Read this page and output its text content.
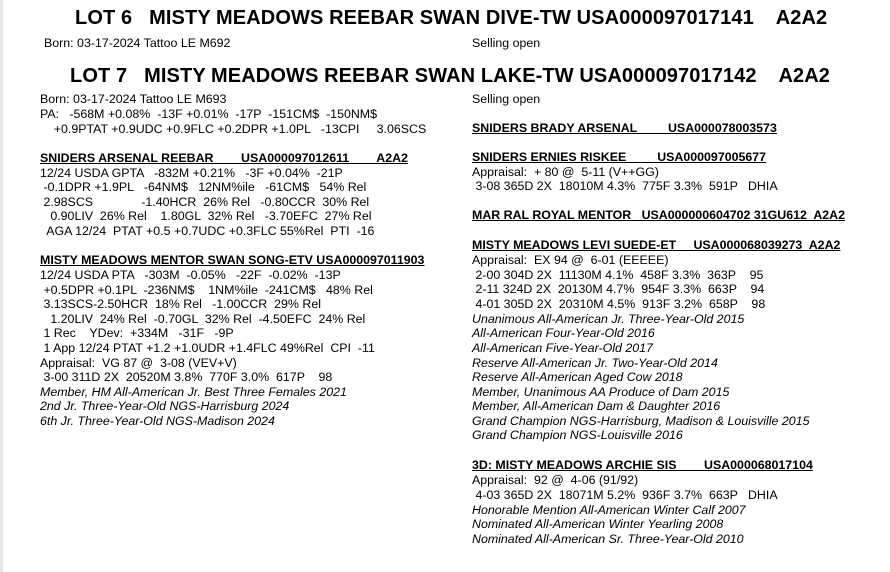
LOT 6   MISTY MEADOWS REEBAR SWAN DIVE-TW USA000097017141    A2A2
Born: 03-17-2024 Tattoo LE M692	Selling open
LOT 7   MISTY MEADOWS REEBAR SWAN LAKE-TW USA000097017142    A2A2
Born: 03-17-2024 Tattoo LE M693	Selling open
PA:   -568M +0.08%  -13F +0.01%  -17P  -151CM$  -150NM$
+0.9PTAT +0.9UDC +0.9FLC +0.2DPR +1.0PL   -13CPI     3.06SCS
SNIDERS ARSENAL REEBAR        USA000097012611        A2A2
12/24 USDA GPTA   -832M +0.21%   -3F +0.04%  -21P
-0.1DPR +1.9PL   -64NM$   12NM%ile   -61CM$   54% Rel
2.98SCS              -1.40HCR  26% Rel   -0.80CCR  30% Rel
0.90LIV  26% Rel    1.80GL  32% Rel   -3.70EFC  27% Rel
AGA 12/24  PTAT +0.5 +0.7UDC +0.3FLC 55%Rel  PTI  -16
MISTY MEADOWS MENTOR SWAN SONG-ETV USA000097011903
12/24 USDA PTA   -303M  -0.05%   -22F  -0.02%  -13P
+0.5DPR +0.1PL  -236NM$    1NM%ile  -241CM$   48% Rel
3.13SCS-2.50HCR  18% Rel   -1.00CCR  29% Rel
1.20LIV  24% Rel  -0.70GL  32% Rel  -4.50EFC  24% Rel
1 Rec    YDev:  +334M   -31F   -9P
1 App 12/24 PTAT +1.2 +1.0UDR +1.4FLC 49%Rel  CPI  -11
Appraisal:  VG 87 @  3-08 (VEV+V)
3-00 311D 2X  20520M 3.8%  770F 3.0%  617P    98
Member, HM All-American Jr. Best Three Females 2021
2nd Jr. Three-Year-Old NGS-Harrisburg 2024
6th Jr. Three-Year-Old NGS-Madison 2024
SNIDERS BRADY ARSENAL         USA000078003573
SNIDERS ERNIES RISKEE         USA000097005677
Appraisal:  + 80 @  5-11 (V++GG)
3-08 365D 2X  18010M 4.3%  775F 3.3%  591P   DHIA
MAR RAL ROYAL MENTOR   USA000000604702 31GU612  A2A2
MISTY MEADOWS LEVI SUEDE-ET     USA000068039273  A2A2
Appraisal:  EX 94 @  6-01 (EEEEE)
2-00 304D 2X  11130M 4.1%  458F 3.3%  363P    95
2-11 324D 2X  20130M 4.7%  954F 3.3%  663P    94
4-01 305D 2X  20310M 4.5%  913F 3.2%  658P    98
Unanimous All-American Jr. Three-Year-Old 2015
All-American Four-Year-Old 2016
All-American Five-Year-Old 2017
Reserve All-American Jr. Two-Year-Old 2014
Reserve All-American Aged Cow 2018
Member, Unanimous AA Produce of Dam 2015
Member, All-American Dam & Daughter 2016
Grand Champion NGS-Harrisburg, Madison & Louisville 2015
Grand Champion NGS-Louisville 2016
3D: MISTY MEADOWS ARCHIE SIS        USA000068017104
Appraisal:  92 @  4-06 (91/92)
4-03 365D 2X  18071M 5.2%  936F 3.7%  663P   DHIA
Honorable Mention All-American Winter Calf 2007
Nominated All-American Winter Yearling 2008
Nominated All-American Sr. Three-Year-Old 2010
